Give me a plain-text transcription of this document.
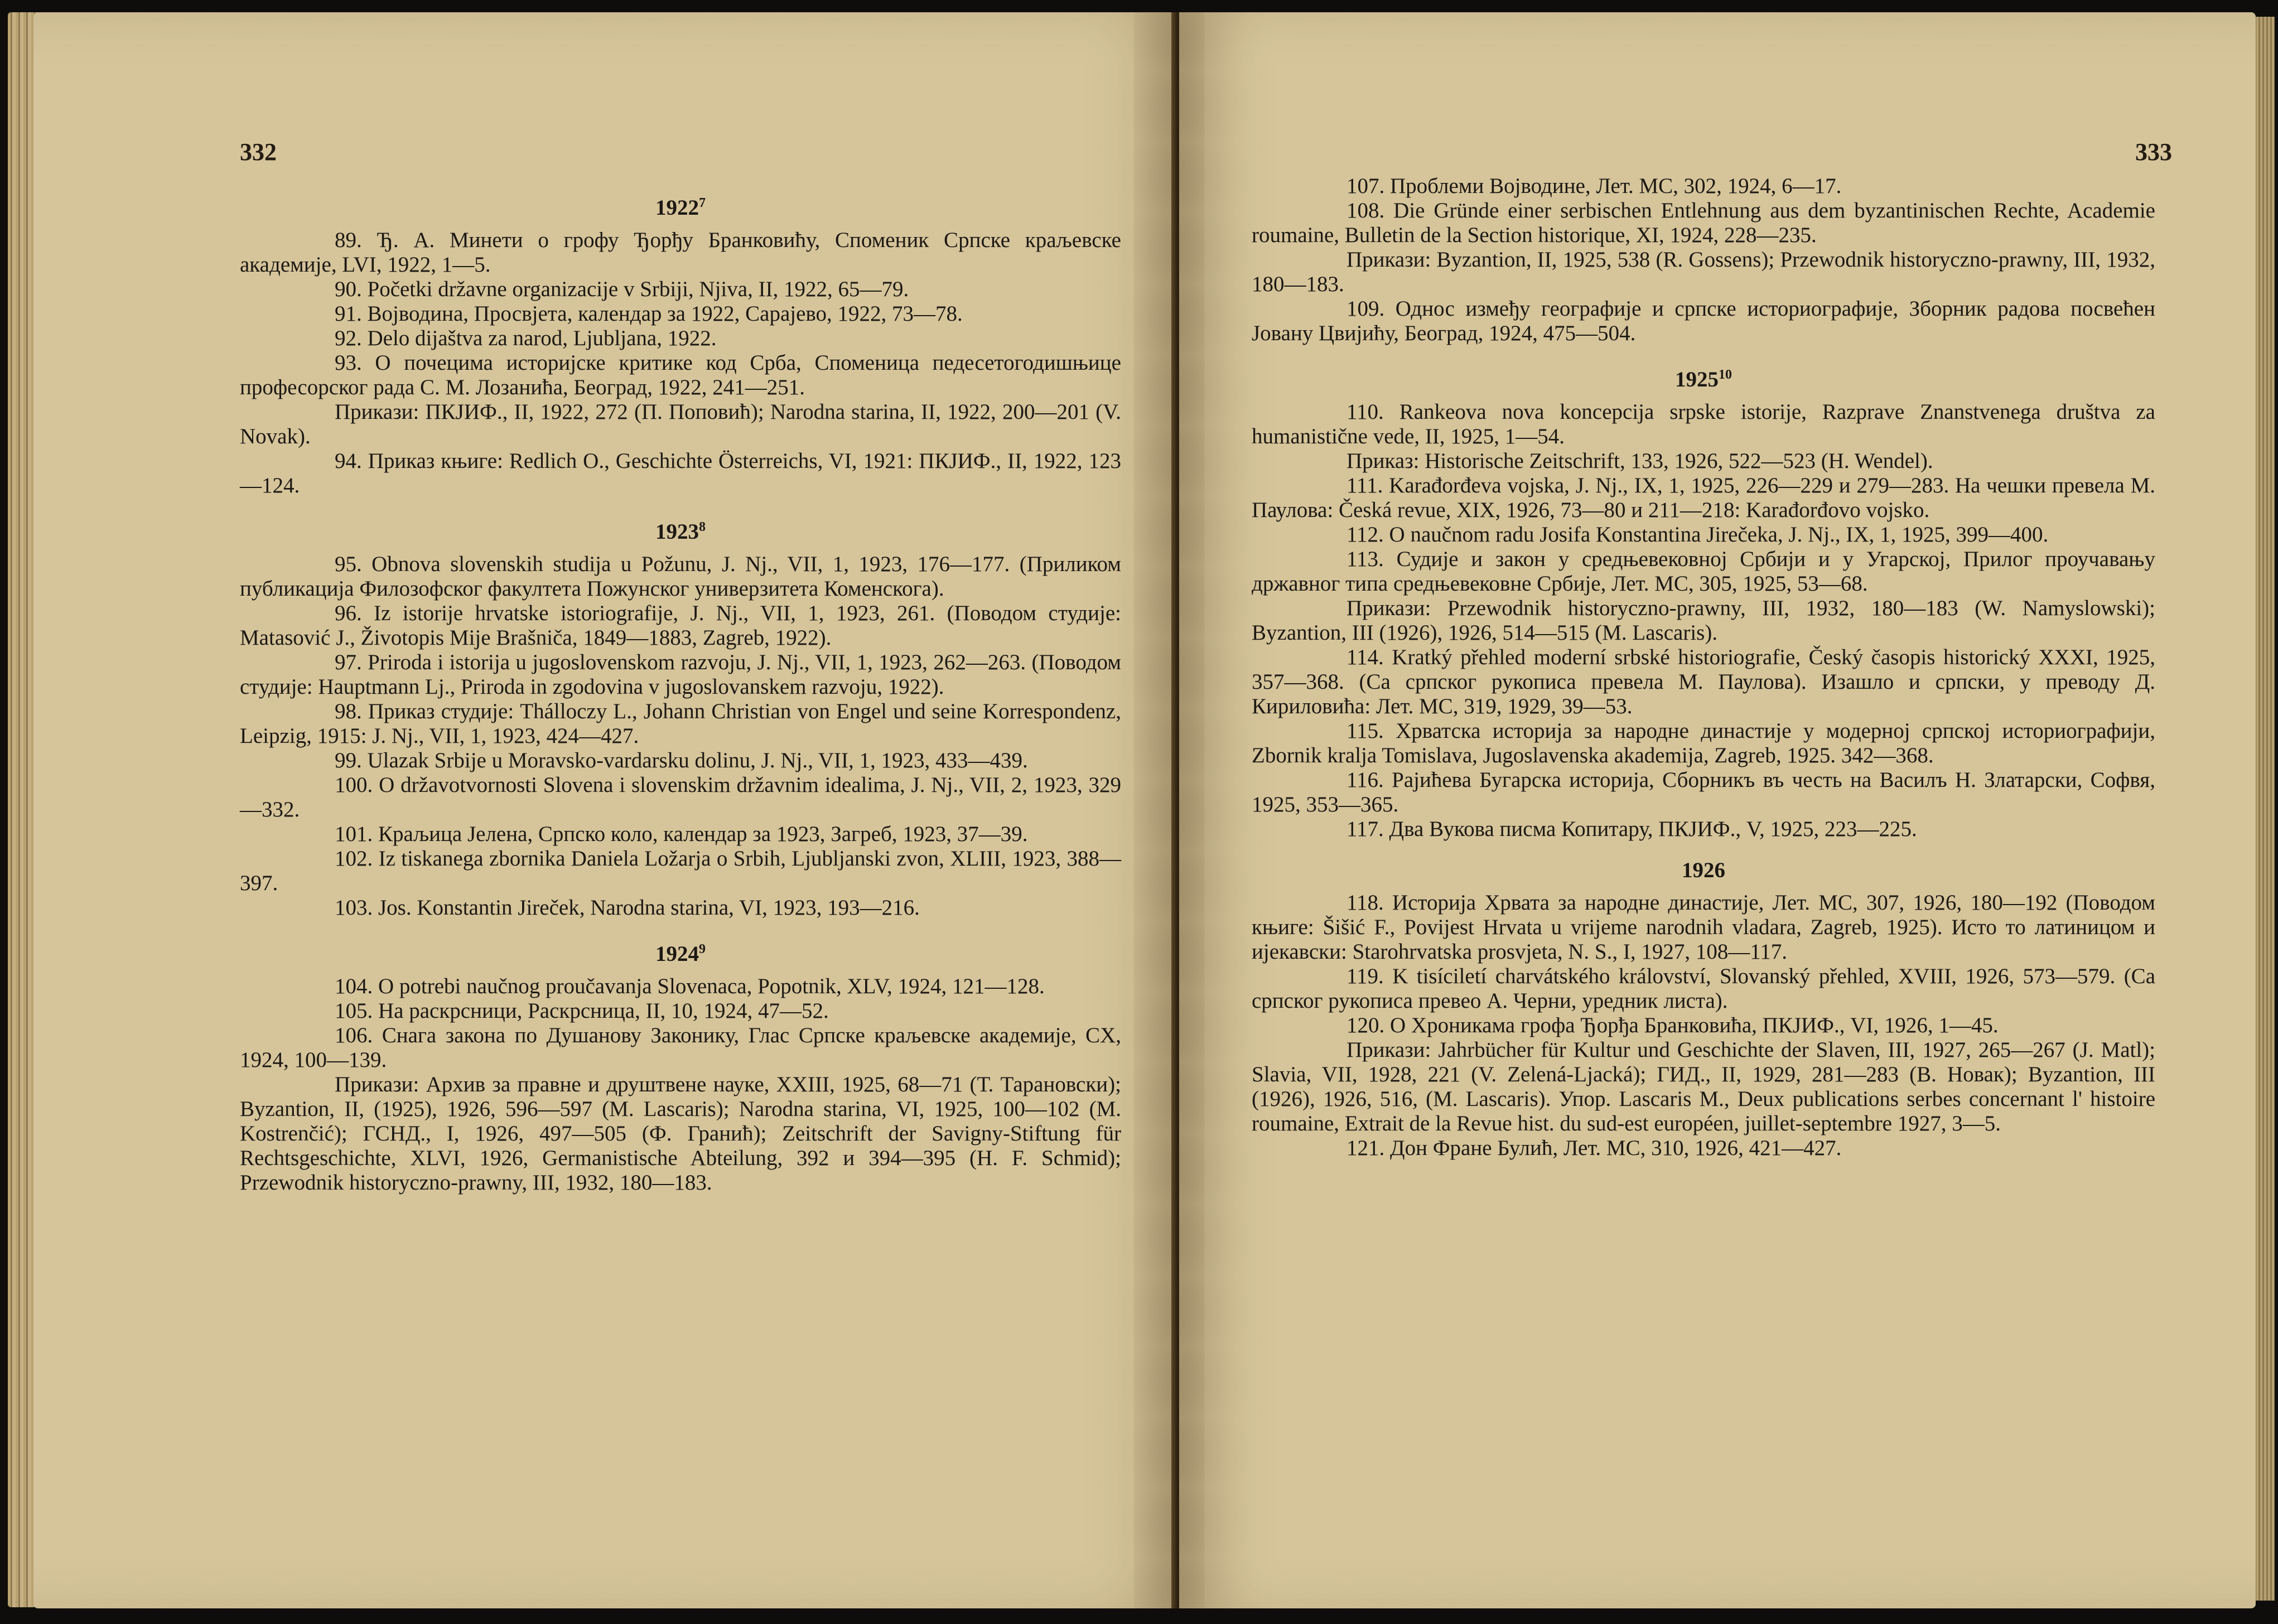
332
1922$^7$
89. Ђ. А. Минети о грофу Ђорђу Бранковићу, Споменик Српске краљевске академије, LVI, 1922, 1—5.
90. Početki državne organizacije v Srbiji, Njiva, II, 1922, 65—79.
91. Војводина, Просвјета, календар за 1922, Сарајево, 1922, 73—78.
92. Delo dijaštva za narod, Ljubljana, 1922.
93. О почецима историјске критике код Срба, Споменица педесетогодишњице професорског рада С. М. Лозанића, Београд, 1922, 241—251.
Прикази: ПКЈИФ., II, 1922, 272 (П. Поповић); Narodna starina, II, 1922, 200—201 (V. Novak).
94. Приказ књиге: Redlich O., Geschichte Österreichs, VI, 1921: ПКЈИФ., II, 1922, 123—124.
1923$^8$
95. Obnova slovenskih studija u Požunu, J. Nj., VII, 1, 1923, 176—177. (Приликом публикација Филозофског факултета Пожунског универзитета Коменскога).
96. Iz istorije hrvatske istoriografije, J. Nj., VII, 1, 1923, 261. (Поводом студије: Matasović J., Životopis Mije Brašniča, 1849—1883, Zagreb, 1922).
97. Priroda i istorija u jugoslovenskom razvoju, J. Nj., VII, 1, 1923, 262—263. (Поводом студије: Hauptmann Lj., Priroda in zgodovina v jugoslovanskem razvoju, 1922).
98. Приказ студије: Thálloczy L., Johann Christian von Engel und seine Korrespondenz, Leipzig, 1915: J. Nj., VII, 1, 1923, 424—427.
99. Ulazak Srbije u Moravsko-vardarsku dolinu, J. Nj., VII, 1, 1923, 433—439.
100. O državotvornosti Slovena i slovenskim državnim idealima, J. Nj., VII, 2, 1923, 329—332.
101. Краљица Јелена, Српско коло, календар за 1923, Загреб, 1923, 37—39.
102. Iz tiskanega zbornika Daniela Ložarja o Srbih, Ljubljanski zvon, XLIII, 1923, 388—397.
103. Jos. Konstantin Jireček, Narodna starina, VI, 1923, 193—216.
1924$^9$
104. O potrebi naučnog proučavanja Slovenaca, Popotnik, XLV, 1924, 121—128.
105. На раскрсници, Раскрсница, II, 10, 1924, 47—52.
106. Снага закона по Душанову Законику, Глас Српске краљевске академије, CX, 1924, 100—139.
Прикази: Архив за правне и друштвене науке, XXIII, 1925, 68—71 (Т. Тарановски); Byzantion, II, (1925), 1926, 596—597 (M. Lascaris); Narodna starina, VI, 1925, 100—102 (M. Kostrenčić); ГСНД., I, 1926, 497—505 (Ф. Гранић); Zeitschrift der Savigny-Stiftung für Rechtsgeschichte, XLVI, 1926, Germanistische Abteilung, 392 и 394—395 (H. F. Schmid); Przewodnik historyczno-prawny, III, 1932, 180—183.
333
107. Проблеми Војводине, Лет. МС, 302, 1924, 6—17.
108. Die Gründe einer serbischen Entlehnung aus dem byzantinischen Rechte, Academie roumaine, Bulletin de la Section historique, XI, 1924, 228—235.
Прикази: Byzantion, II, 1925, 538 (R. Gossens); Przewodnik historyczno-prawny, III, 1932, 180—183.
109. Однос између географије и српске историографије, Зборник радова посвећен Јовану Цвијићу, Београд, 1924, 475—504.
1925$^{10}$
110. Rankeova nova koncepcija srpske istorije, Razprave Znanstvenega društva za humanistične vede, II, 1925, 1—54.
Приказ: Historische Zeitschrift, 133, 1926, 522—523 (H. Wendel).
111. Karađorđeva vojska, J. Nj., IX, 1, 1925, 226—229 и 279—283. На чешки превела М. Паулова: Česká revue, XIX, 1926, 73—80 и 211—218: Karađorđovo vojsko.
112. O naučnom radu Josifa Konstantina Jirečeka, J. Nj., IX, 1, 1925, 399—400.
113. Судије и закон у средњевековној Србији и у Угарској, Прилог проучавању државног типа средњевековне Србије, Лет. МС, 305, 1925, 53—68.
Прикази: Przewodnik historyczno-prawny, III, 1932, 180—183 (W. Namyslowski); Byzantion, III (1926), 1926, 514—515 (M. Lascaris).
114. Kratký přehled moderní srbské historiografie, Český časopis historický XXXI, 1925, 357—368. (Са српског рукописа превела М. Паулова). Изашло и српски, у преводу Д. Кириловића: Лет. МС, 319, 1929, 39—53.
115. Хрватска историја за народне династије у модерној српској историографији, Zbornik kralja Tomislava, Jugoslavenska akademija, Zagreb, 1925. 342—368.
116. Рајићева Бугарска историја, Сборникъ въ честь на Василъ Н. Златарски, Софвя, 1925, 353—365.
117. Два Вукова писма Копитару, ПКЈИФ., V, 1925, 223—225.
1926
118. Историја Хрвата за народне династије, Лет. МС, 307, 1926, 180—192 (Поводом књиге: Šišić F., Povijest Hrvata u vrijeme narodnih vladara, Zagreb, 1925). Исто то латиницом и ијекавски: Starohrvatska prosvjeta, N. S., I, 1927, 108—117.
119. K tisíciletí charvátského království, Slovanský přehled, XVIII, 1926, 573—579. (Са српског рукописа превео А. Черни, уредник листа).
120. О Хроникама грофа Ђорђа Бранковића, ПКЈИФ., VI, 1926, 1—45.
Прикази: Jahrbücher für Kultur und Geschichte der Slaven, III, 1927, 265—267 (J. Matl); Slavia, VII, 1928, 221 (V. Zelená-Ljacká); ГИД., II, 1929, 281—283 (В. Новак); Byzantion, III (1926), 1926, 516, (M. Lascaris). Упор. Lascaris M., Deux publications serbes concernant l' histoire roumaine, Extrait de la Revue hist. du sud-est européen, juillet-septembre 1927, 3—5.
121. Дон Фране Булић, Лет. МС, 310, 1926, 421—427.
